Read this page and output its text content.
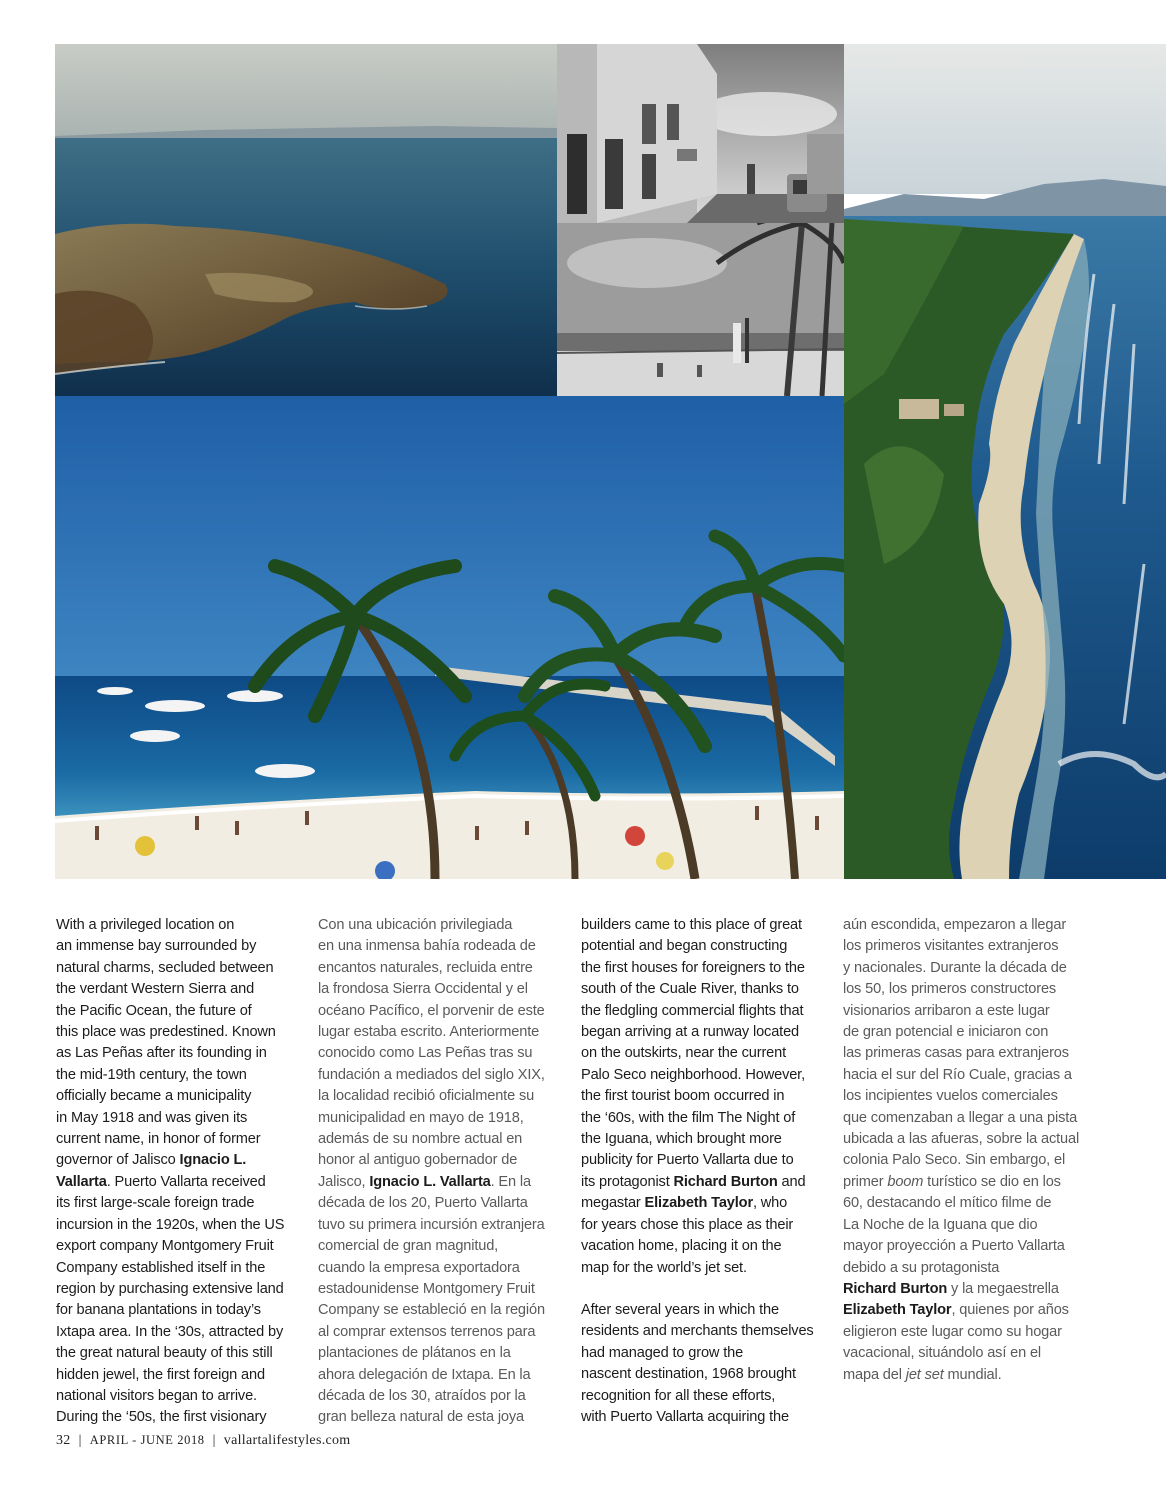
With a privileged location on

an immense bay surrounded by

natural charms, secluded between

the verdant Western Sierra and

the Pacific Ocean, the future of

this place was predestined. Known

as Las Peñas after its founding in

the mid-19th century, the town

officially became a municipality

in May 1918 and was given its

current name, in honor of former

governor of Jalisco Ignacio L.

Vallarta. Puerto Vallarta received

its first large-scale foreign trade

incursion in the 1920s, when the US

export company Montgomery Fruit

Company established itself in the

region by purchasing extensive land

for banana plantations in today’s

Ixtapa area. In the ‘30s, attracted by

the great natural beauty of this still

hidden jewel, the first foreign and

national visitors began to arrive.

During the ‘50s, the first visionary

Con una ubicación privilegiada

en una inmensa bahía rodeada de

encantos naturales, recluida entre

la frondosa Sierra Occidental y el

océano Pacífico, el porvenir de este

lugar estaba escrito. Anteriormente

conocido como Las Peñas tras su

fundación a mediados del siglo XIX,

la localidad recibió oficialmente su

municipalidad en mayo de 1918,

además de su nombre actual en

honor al antiguo gobernador de

Jalisco, Ignacio L. Vallarta. En la

década de los 20, Puerto Vallarta

tuvo su primera incursión extranjera

comercial de gran magnitud,

cuando la empresa exportadora

estadounidense Montgomery Fruit

Company se estableció en la región

al comprar extensos terrenos para

plantaciones de plátanos en la

ahora delegación de Ixtapa. En la

década de los 30, atraídos por la

gran belleza natural de esta joya

builders came to this place of great

potential and began constructing

the first houses for foreigners to the

south of the Cuale River, thanks to

the fledgling commercial flights that

began arriving at a runway located

on the outskirts, near the current

Palo Seco neighborhood. However,

the first tourist boom occurred in

the ‘60s, with the film The Night of

the Iguana, which brought more

publicity for Puerto Vallarta due to

its protagonist Richard Burton and

megastar Elizabeth Taylor, who

for years chose this place as their

vacation home, placing it on the

map for the world’s jet set.

After several years in which the

residents and merchants themselves

had managed to grow the

nascent destination, 1968 brought

recognition for all these efforts,

with Puerto Vallarta acquiring the

aún escondida, empezaron a llegar

los primeros visitantes extranjeros

y nacionales. Durante la década de

los 50, los primeros constructores

visionarios arribaron a este lugar

de gran potencial e iniciaron con

las primeras casas para extranjeros

hacia el sur del Río Cuale, gracias a

los incipientes vuelos comerciales

que comenzaban a llegar a una pista

ubicada a las afueras, sobre la actual

colonia Palo Seco. Sin embargo, el

primer boom turístico se dio en los

60, destacando el mítico filme de

La Noche de la Iguana que dio

mayor proyección a Puerto Vallarta

debido a su protagonista

Richard Burton y la megaestrella

Elizabeth Taylor, quienes por años

eligieron este lugar como su hogar

vacacional, situándolo así en el

mapa del jet set mundial.

32 | APRIL - JUNE 2018 | vallartalifestyles.com
